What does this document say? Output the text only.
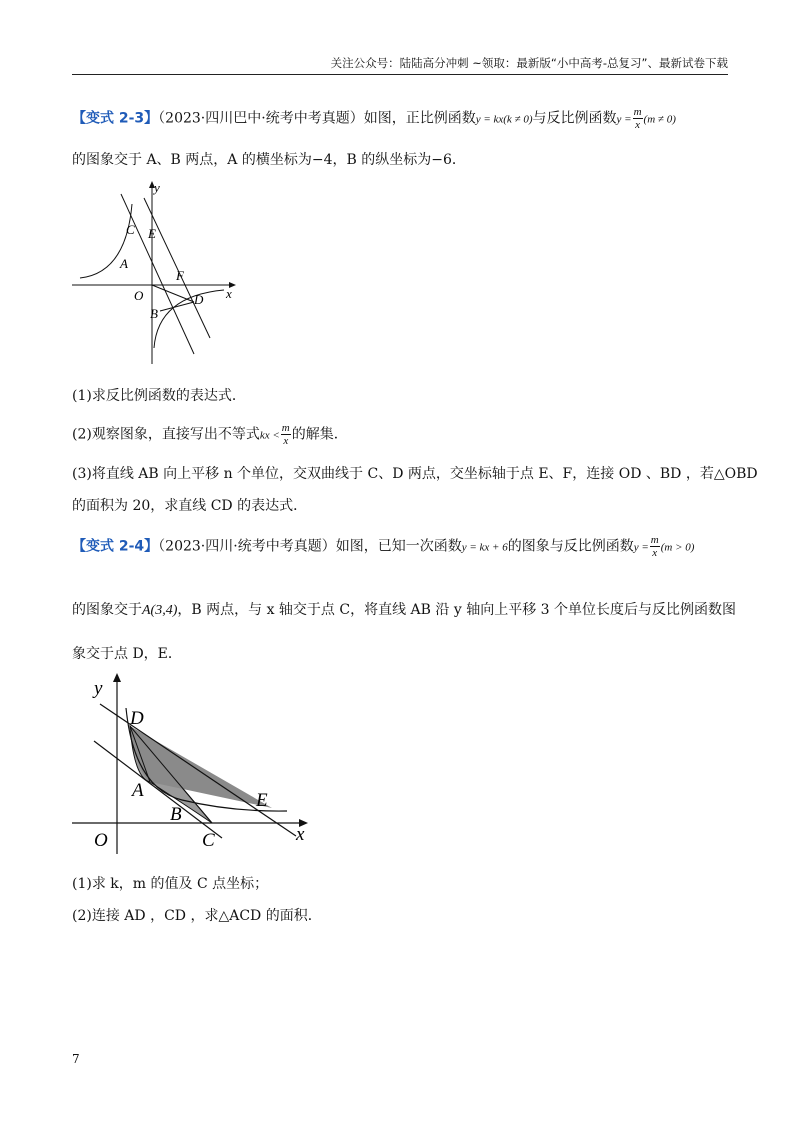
关注公众号：陆陆高分冲刺 ~领取：最新版“小中高考-总复习”、最新试卷下载
【变式 2-3】（2023·四川巴中·统考中考真题）如图，正比例函数y = kx(k ≠ 0)与反比例函数$y = \frac{m}{x} (m \ne 0)$
的图象交于 A、B 两点，A 的横坐标为−4，B 的纵坐标为−6．
y
x
O
A
B
C
D
E
F
(1)求反比例函数的表达式．
(2)观察图象，直接写出不等式kx < $\frac{m}{x}$ 的解集．
(3)将直线 AB 向上平移 n 个单位，交双曲线于 C、D 两点，交坐标轴于点 E、F，连接 OD 、BD ，若△OBD
的面积为 20，求直线 CD 的表达式．
【变式 2-4】（2023·四川·统考中考真题）如图，已知一次函数y = kx + 6的图象与反比例函数$y = \frac{m}{x} (m > 0)$
的图象交于A(3,4)，B 两点，与 x 轴交于点 C，将直线 AB 沿 y 轴向上平移 3 个单位长度后与反比例函数图
象交于点 D，E．
y
x
O
D
A
B
C
E
(1)求 k，m 的值及 C 点坐标；
(2)连接 AD ，CD ，求△ACD 的面积．
7
